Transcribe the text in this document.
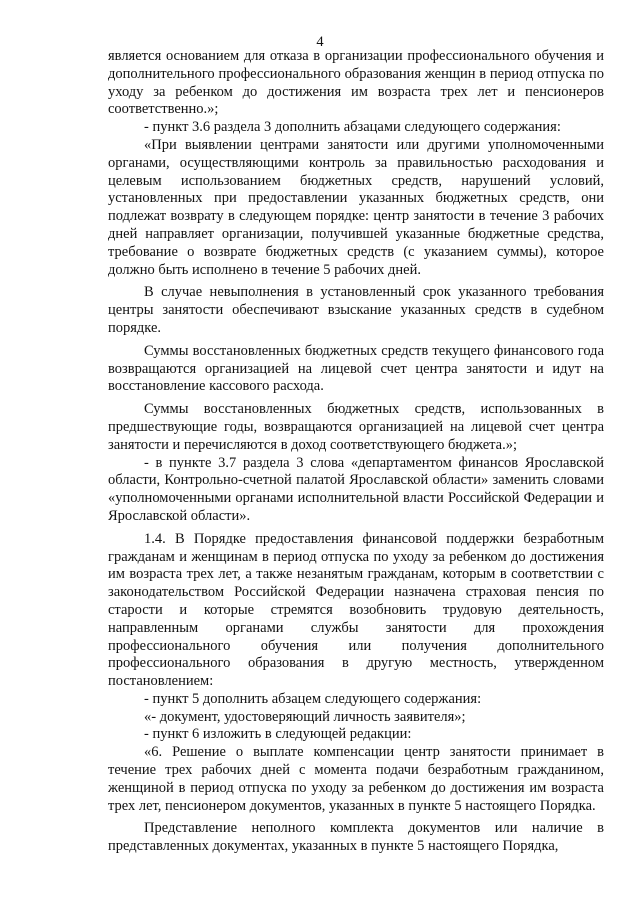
4

является основанием для отказа в организации профессионального обучения и дополнительного профессионального образования женщин в период отпуска по уходу за ребенком до достижения им возраста трех лет и пенсионеров соответственно.»;

- пункт 3.6 раздела 3 дополнить абзацами следующего содержания:

«При выявлении центрами занятости или другими уполномоченными органами, осуществляющими контроль за правильностью расходования и целевым использованием бюджетных средств, нарушений условий, установленных при предоставлении указанных бюджетных средств, они подлежат возврату в следующем порядке: центр занятости в течение 3 рабочих дней направляет организации, получившей указанные бюджетные средства, требование о возврате бюджетных средств (с указанием суммы), которое должно быть исполнено в течение 5 рабочих дней.

В случае невыполнения в установленный срок указанного требования центры занятости обеспечивают взыскание указанных средств в судебном порядке.

Суммы восстановленных бюджетных средств текущего финансового года возвращаются организацией на лицевой счет центра занятости и идут на восстановление кассового расхода.

Суммы восстановленных бюджетных средств, использованных в предшествующие годы, возвращаются организацией на лицевой счет центра занятости и перечисляются в доход соответствующего бюджета.»;

- в пункте 3.7 раздела 3 слова «департаментом финансов Ярославской области, Контрольно-счетной палатой Ярославской области» заменить словами «уполномоченными органами исполнительной власти Российской Федерации и Ярославской области».

1.4. В Порядке предоставления финансовой поддержки безработным гражданам и женщинам в период отпуска по уходу за ребенком до достижения им возраста трех лет, а также незанятым гражданам, которым в соответствии с законодательством Российской Федерации назначена страховая пенсия по старости и которые стремятся возобновить трудовую деятельность, направленным органами службы занятости для прохождения профессионального обучения или получения дополнительного профессионального образования в другую местность, утвержденном постановлением:

- пункт 5 дополнить абзацем следующего содержания:

«- документ, удостоверяющий личность заявителя»;

- пункт 6 изложить в следующей редакции:

«6. Решение о выплате компенсации центр занятости принимает в течение трех рабочих дней с момента подачи безработным гражданином, женщиной в период отпуска по уходу за ребенком до достижения им возраста трех лет, пенсионером документов, указанных в пункте 5 настоящего Порядка.

Представление неполного комплекта документов или наличие в представленных документах, указанных в пункте 5 настоящего Порядка,
